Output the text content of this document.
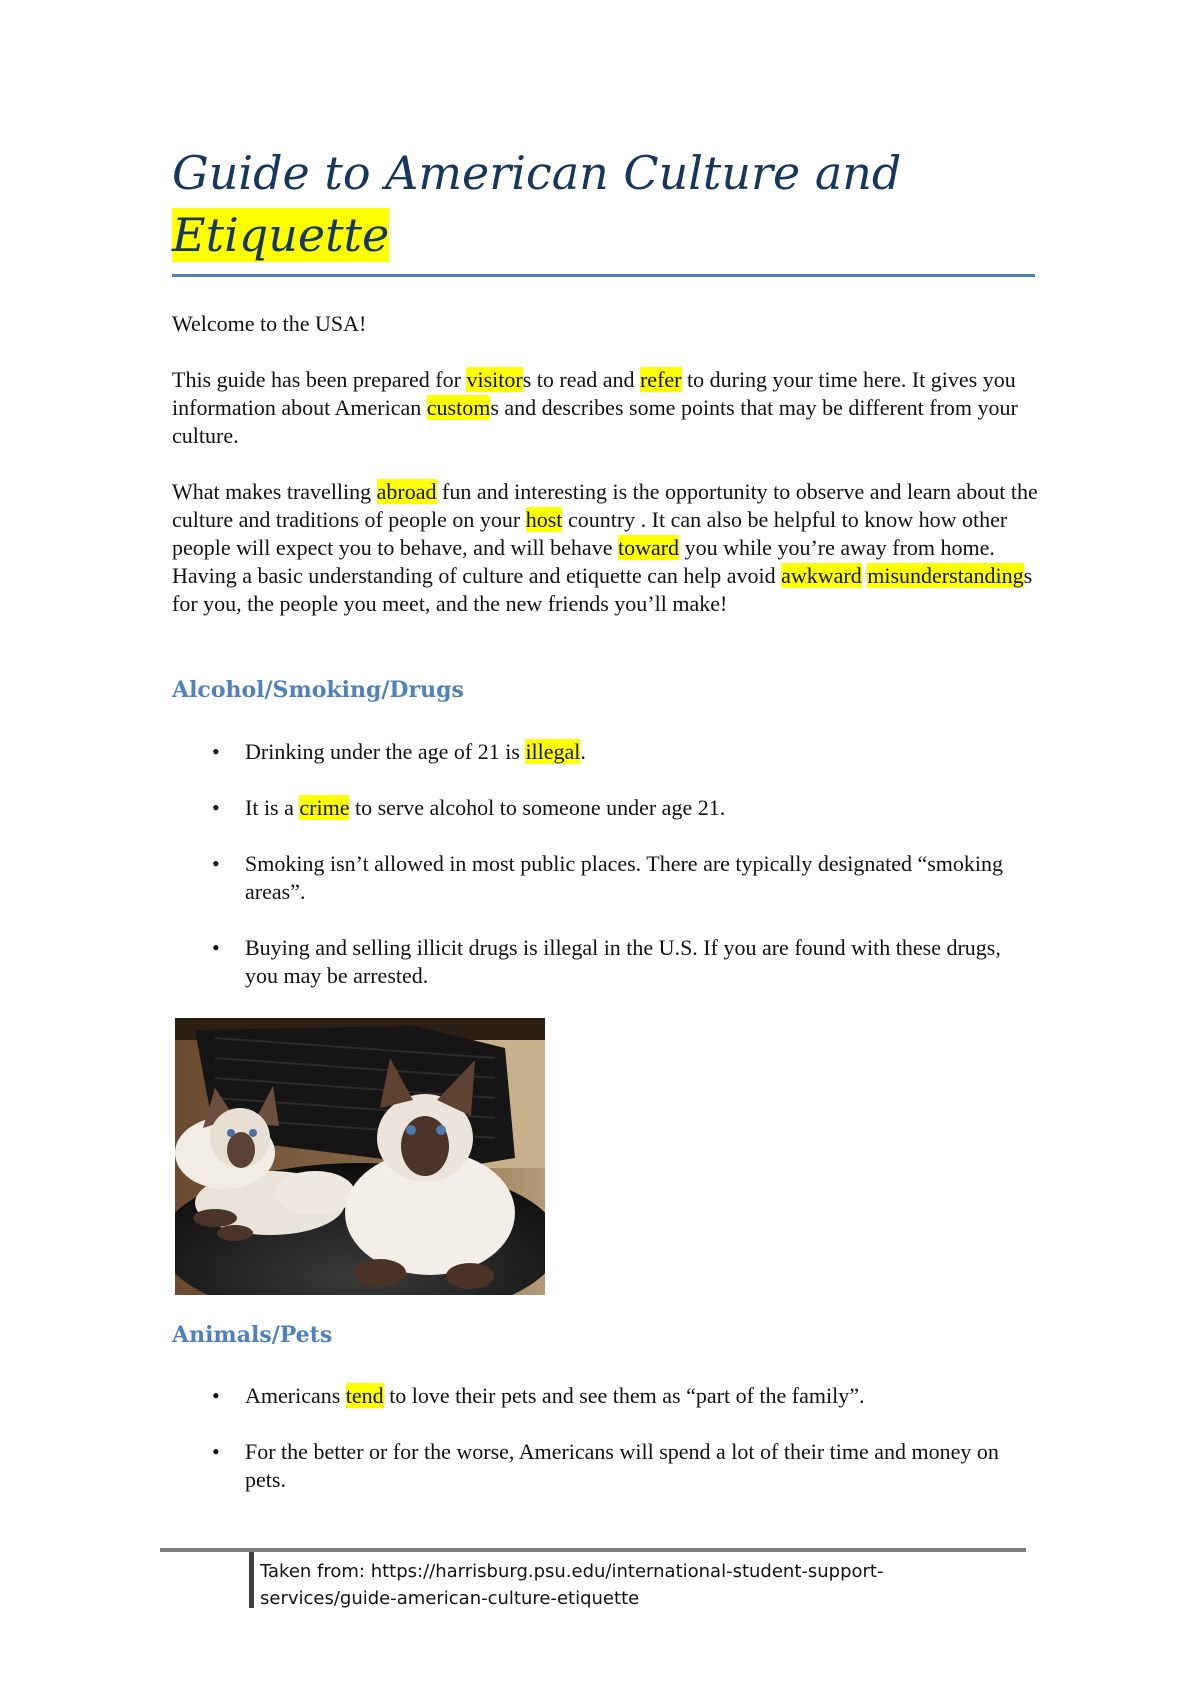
Guide to American Culture and
Etiquette

Welcome to the USA!

This guide has been prepared for visitors to read and refer to during your time here. It gives you information about American customs and describes some points that may be different from your culture.

What makes travelling abroad fun and interesting is the opportunity to observe and learn about the culture and traditions of people on your host country . It can also be helpful to know how other people will expect you to behave, and will behave toward you while you’re away from home. Having a basic understanding of culture and etiquette can help avoid awkward misunderstandings for you, the people you meet, and the new friends you’ll make!

Alcohol/Smoking/Drugs
• Drinking under the age of 21 is illegal.
• It is a crime to serve alcohol to someone under age 21.
• Smoking isn’t allowed in most public places. There are typically designated “smoking areas”.
• Buying and selling illicit drugs is illegal in the U.S. If you are found with these drugs, you may be arrested.
Animals/Pets
• Americans tend to love their pets and see them as “part of the family”.
• For the better or for the worse, Americans will spend a lot of their time and money on pets.

Taken from: https://harrisburg.psu.edu/international-student-support-
services/guide-american-culture-etiquette
